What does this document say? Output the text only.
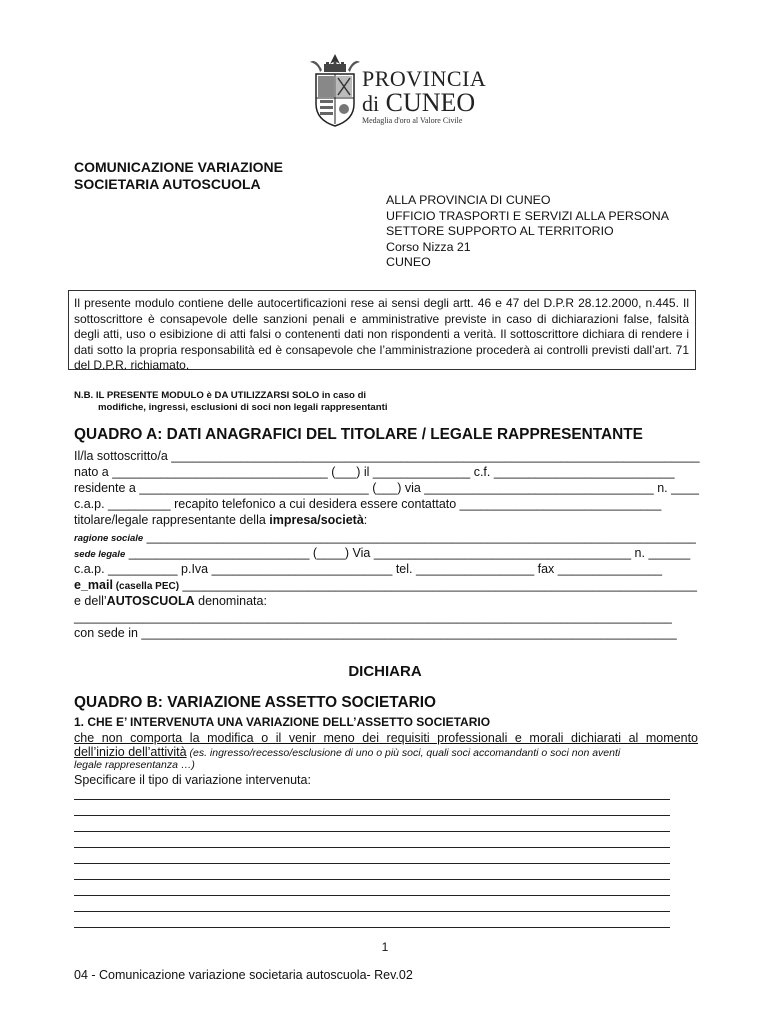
PROVINCIA
di CUNEO
Medaglia d'oro al Valore Civile
COMUNICAZIONE VARIAZIONE
SOCIETARIA AUTOSCUOLA
ALLA PROVINCIA DI CUNEO
UFFICIO TRASPORTI E SERVIZI ALLA PERSONA
SETTORE SUPPORTO AL TERRITORIO
Corso Nizza 21
CUNEO
Il presente modulo contiene delle autocertificazioni rese ai sensi degli artt. 46 e 47 del D.P.R 28.12.2000, n.445. Il sottoscrittore è consapevole delle sanzioni penali e amministrative previste in caso di dichiarazioni false, falsità degli atti, uso o esibizione di atti falsi o contenenti dati non rispondenti a verità. Il sottoscrittore dichiara di rendere i dati sotto la propria responsabilità ed è consapevole che l’amministrazione procederà ai controlli previsti dall’art. 71 del D.P.R. richiamato.
N.B. IL PRESENTE MODULO è DA UTILIZZARSI SOLO in caso di
modifiche, ingressi, esclusioni di soci non legali rappresentanti
QUADRO A: DATI ANAGRAFICI DEL TITOLARE / LEGALE RAPPRESENTANTE
Il/la sottoscritto/a ____________________________________________________________________________
nato a _______________________________ (___) il ______________ c.f. __________________________
residente a _________________________________ (___) via _________________________________ n. ____
c.a.p. _________ recapito telefonico a cui desidera essere contattato _____________________________
titolare/legale rappresentante della impresa/società:
ragione sociale _______________________________________________________________________________
sede legale __________________________ (____) Via _____________________________________ n. ______
c.a.p. __________ p.Iva __________________________ tel. _________________ fax _______________
e_mail (casella PEC) __________________________________________________________________________
e dell’AUTOSCUOLA denominata:
______________________________________________________________________________________
con sede in _____________________________________________________________________________
DICHIARA
QUADRO B: VARIAZIONE ASSETTO SOCIETARIO
1. CHE E’ INTERVENUTA UNA VARIAZIONE DELL’ASSETTO SOCIETARIO
che non comporta la modifica o il venir meno dei requisiti professionali e morali dichiarati al momento
dell’inizio dell’attività (es. ingresso/recesso/esclusione di uno o più soci, quali soci accomandanti o soci non aventi
legale rappresentanza …)
Specificare il tipo di variazione intervenuta:
1
04 - Comunicazione variazione societaria autoscuola- Rev.02
